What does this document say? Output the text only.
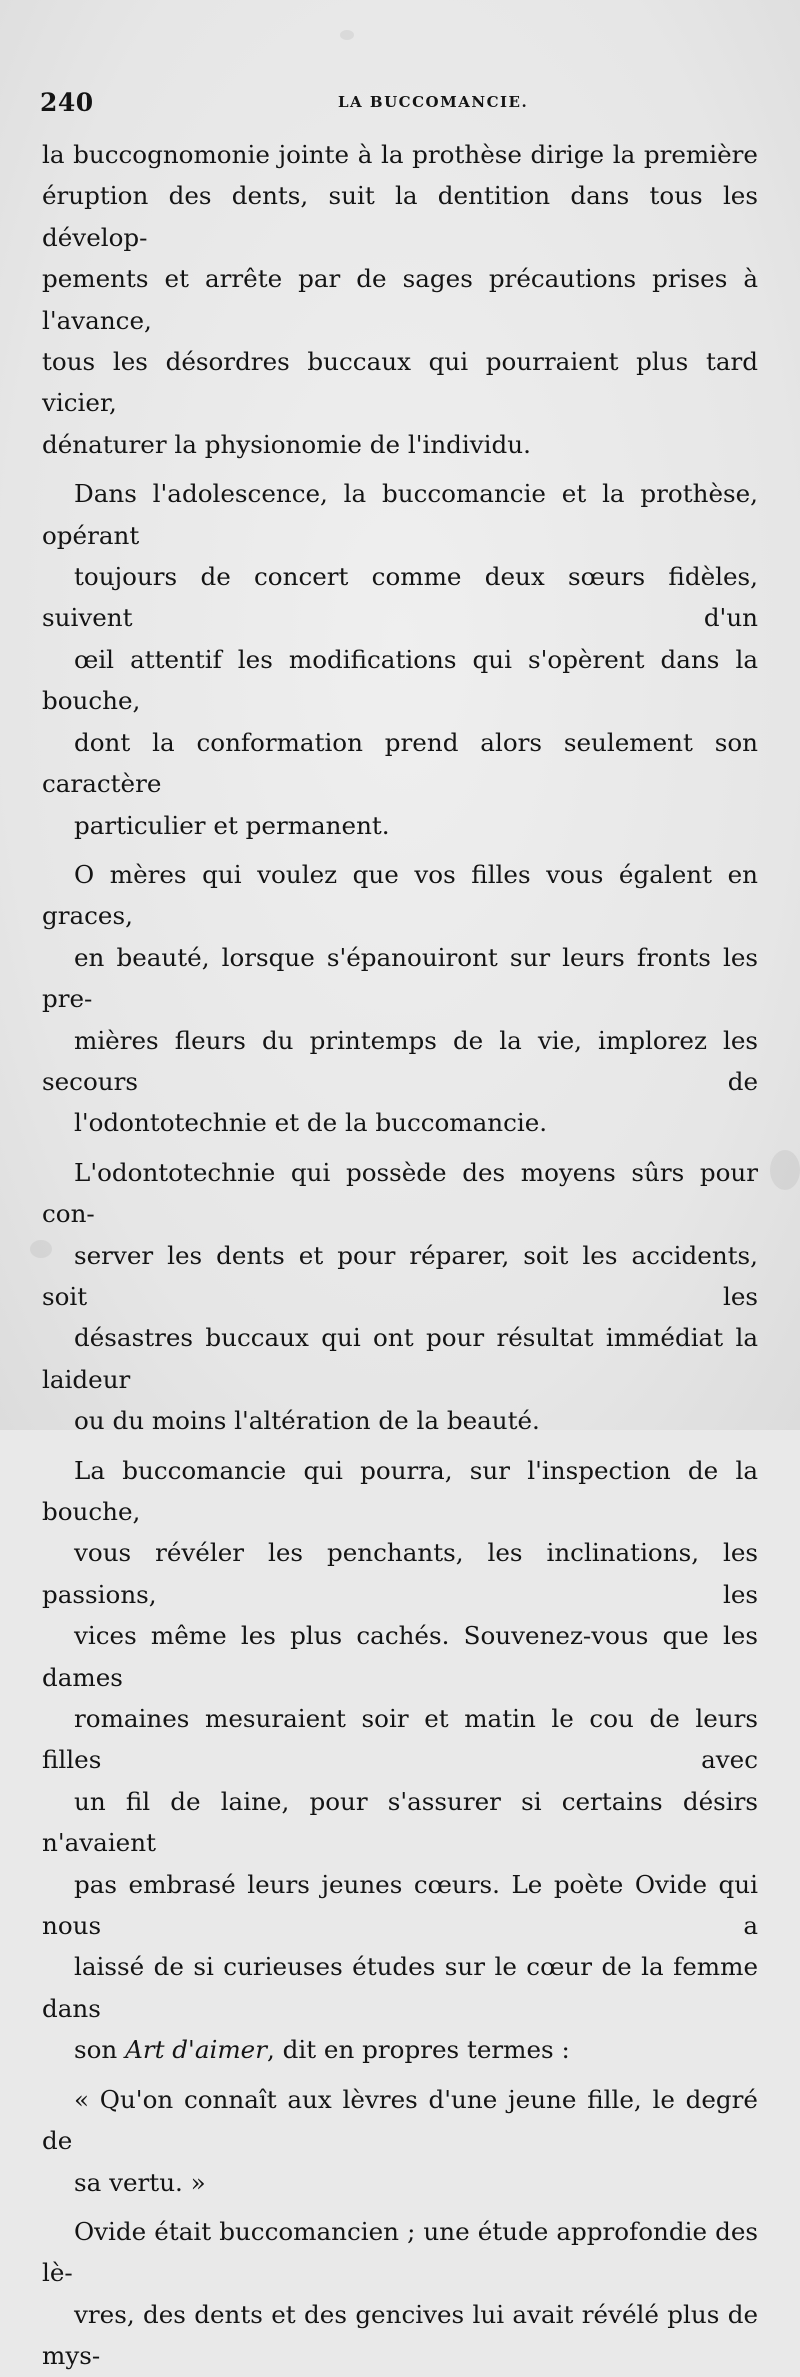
240	LA BUCCOMANCIE.

la buccognomonie jointe à la prothèse dirige la première
éruption des dents, suit la dentition dans tous les dévelop-
pements et arrête par de sages précautions prises à l'avance,
tous les désordres buccaux qui pourraient plus tard vicier,
dénaturer la physionomie de l'individu.

Dans l'adolescence, la buccomancie et la prothèse, opérant
toujours de concert comme deux sœurs fidèles, suivent d'un
œil attentif les modifications qui s'opèrent dans la bouche,
dont la conformation prend alors seulement son caractère
particulier et permanent.

O mères qui voulez que vos filles vous égalent en graces,
en beauté, lorsque s'épanouiront sur leurs fronts les pre-
mières fleurs du printemps de la vie, implorez les secours de
l'odontotechnie et de la buccomancie.

L'odontotechnie qui possède des moyens sûrs pour con-
server les dents et pour réparer, soit les accidents, soit les
désastres buccaux qui ont pour résultat immédiat la laideur
ou du moins l'altération de la beauté.

La buccomancie qui pourra, sur l'inspection de la bouche,
vous révéler les penchants, les inclinations, les passions, les
vices même les plus cachés. Souvenez-vous que les dames
romaines mesuraient soir et matin le cou de leurs filles avec
un fil de laine, pour s'assurer si certains désirs n'avaient
pas embrasé leurs jeunes cœurs. Le poète Ovide qui nous a
laissé de si curieuses études sur le cœur de la femme dans
son Art d'aimer, dit en propres termes :

« Qu'on connaît aux lèvres d'une jeune fille, le degré de
sa vertu. »

Ovide était buccomancien ; une étude approfondie des lè-
vres, des dents et des gencives lui avait révélé plus de mys-
